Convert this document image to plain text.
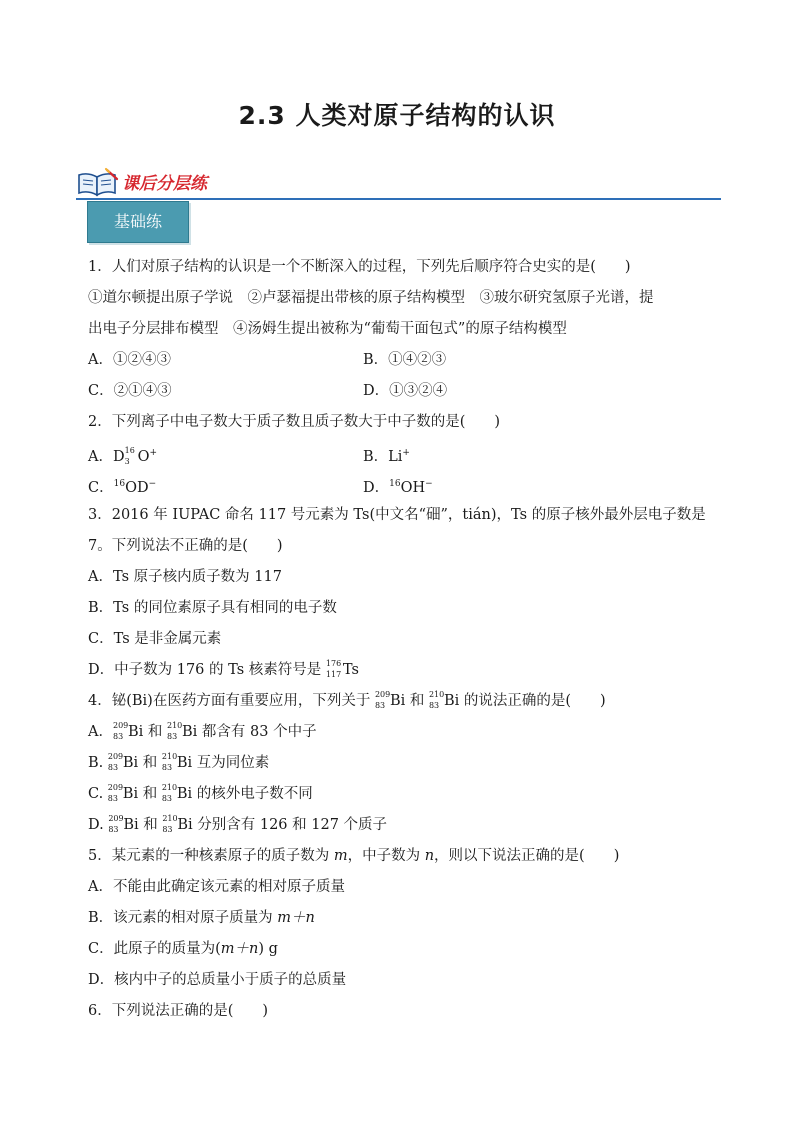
2.3 人类对原子结构的认识
课后分层练
基础练
1．人们对原子结构的认识是一个不断深入的过程，下列先后顺序符合史实的是(　　)
①道尔顿提出原子学说　②卢瑟福提出带核的原子结构模型　③玻尔研究氢原子光谱，提
出电子分层排布模型　④汤姆生提出被称为“葡萄干面包式”的原子结构模型
A．①②④③	B．①④②③
C．②①④③	D．①③②④
2．下列离子中电子数大于质子数且质子数大于中子数的是(　　)
A．D 16
3 O+	B．Li+
C．$^{16}$OD−	D．$^{16}$OH−
3．2016 年 IUPAC 命名 117 号元素为 Ts(中文名“鿬”，tián)，Ts 的原子核外最外层电子数是
7。下列说法不正确的是(　　)
A．Ts 原子核内质子数为 117
B．Ts 的同位素原子具有相同的电子数
C．Ts 是非金属元素
D．中子数为 176 的 Ts 核素符号是 176
117 Ts
4．铋(Bi)在医药方面有重要应用，下列关于 209
83 Bi 和 210
83 Bi 的说法正确的是(　　)
A． 209
83 Bi 和 210
83 Bi 都含有 83 个中子
B. 209
83 Bi 和 210
83 Bi 互为同位素
C. 209
83 Bi 和 210
83 Bi 的核外电子数不同
D. 209
83 Bi 和 210
83 Bi 分别含有 126 和 127 个质子
5．某元素的一种核素原子的质子数为 m，中子数为 n，则以下说法正确的是(　　)
A．不能由此确定该元素的相对原子质量
B．该元素的相对原子质量为 m＋n
C．此原子的质量为(m＋n) g
D．核内中子的总质量小于质子的总质量
6．下列说法正确的是(　　)
